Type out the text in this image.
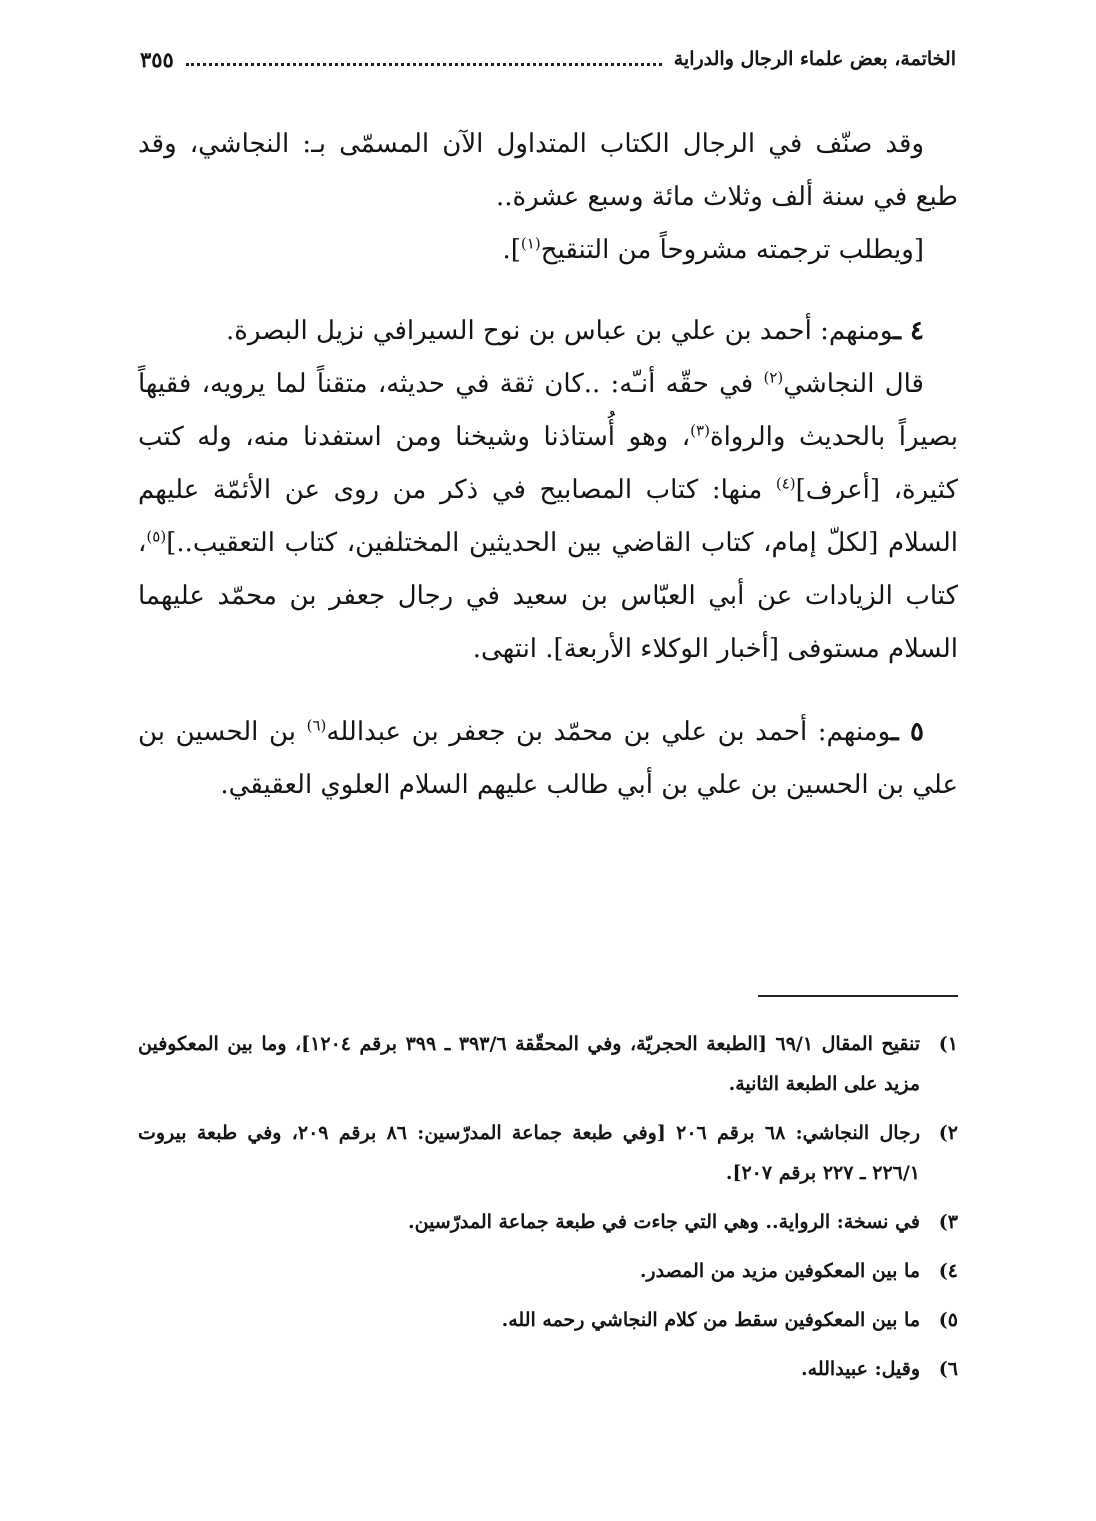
الخاتمة، بعض علماء الرجال والدراية
٣٥٥

وقد صنّف في الرجال الكتاب المتداول الآن المسمّى بـ: النجاشي، وقد طبع في سنة ألف وثلاث مائة وسبع عشرة..

[ويطلب ترجمته مشروحاً من التنقيح$^{(١)}$].

٤ ـومنهم: أحمد بن علي بن عباس بن نوح السيرافي نزيل البصرة.

قال النجاشي$^{(٢)}$ في حقّه أنـّه: ..كان ثقة في حديثه، متقناً لما يرويه، فقيهاً بصيراً بالحديث والرواة$^{(٣)}$، وهو أُستاذنا وشيخنا ومن استفدنا منه، وله كتب كثيرة، [أعرف]$^{(٤)}$ منها: كتاب المصابيح في ذكر من روى عن الأئمّة عليهم السلام [لكلّ إمام، كتاب القاضي بين الحديثين المختلفين، كتاب التعقيب..]$^{(٥)}$، كتاب الزيادات عن أبي العبّاس بن سعيد في رجال جعفر بن محمّد عليهما السلام مستوفى [أخبار الوكلاء الأربعة]. انتهى.

٥ ـومنهم: أحمد بن علي بن محمّد بن جعفر بن عبدالله$^{(٦)}$ بن الحسين بن علي بن الحسين بن علي بن أبي طالب عليهم السلام العلوي العقيقي.

١)
تنقيح المقال ٦٩/١ [الطبعة الحجريّة، وفي المحقّقة ٣٩٣/٦ ـ ٣٩٩ برقم ١٢٠٤]، وما بين المعكوفين مزيد على الطبعة الثانية.
٢)
رجال النجاشي: ٦٨ برقم ٢٠٦ [وفي طبعة جماعة المدرّسين: ٨٦ برقم ٢٠٩، وفي طبعة بيروت ٢٢٦/١ ـ ٢٢٧ برقم ٢٠٧].
٣)
في نسخة: الرواية.. وهي التي جاءت في طبعة جماعة المدرّسين.
٤)
ما بين المعكوفين مزيد من المصدر.
٥)
ما بين المعكوفين سقط من كلام النجاشي رحمه الله.
٦)
وقيل: عبيدالله.
